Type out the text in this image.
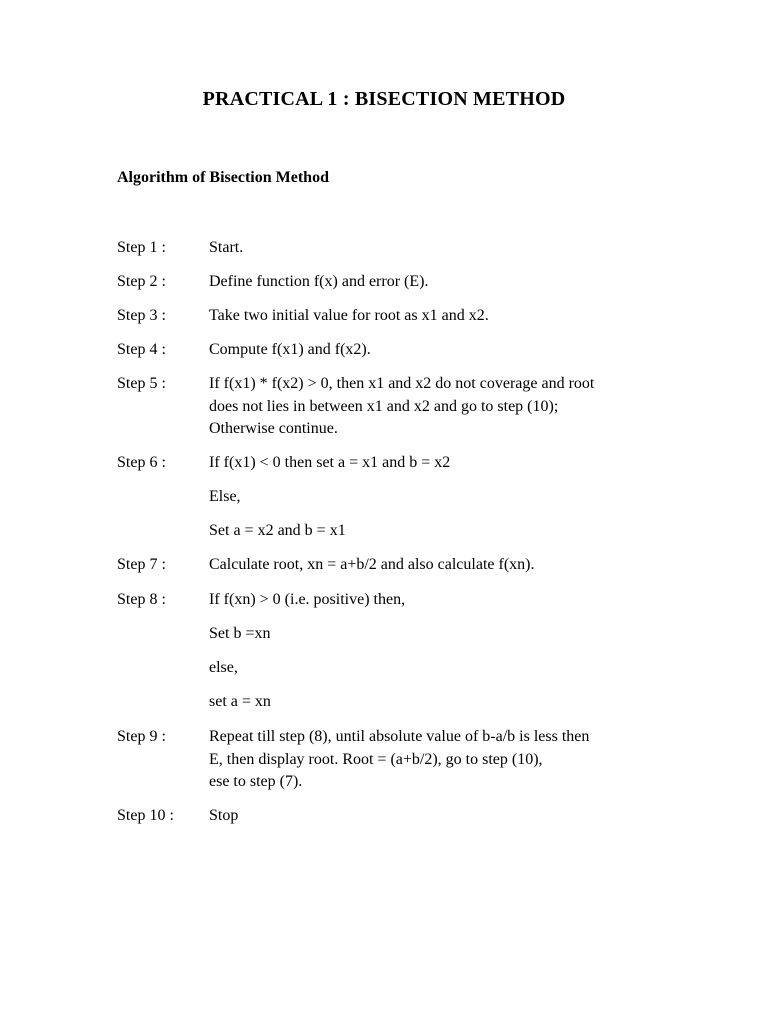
PRACTICAL 1 : BISECTION METHOD
Algorithm of Bisection Method
Step 1 :	Start.
Step 2 :	Define function f(x) and error (E).
Step 3 :	Take two initial value for root as x1 and x2.
Step 4 :	Compute f(x1) and f(x2).
Step 5 :	If f(x1) * f(x2) > 0, then x1 and x2 do not coverage and root
does not lies in between x1 and x2 and go to step (10);
Otherwise continue.
Step 6 :	If f(x1) < 0 then set a = x1 and b = x2
Else,
Set a = x2 and b = x1
Step 7 :	Calculate root, xn = a+b/2 and also calculate f(xn).
Step 8 :	If f(xn) > 0 (i.e. positive) then,
Set b =xn
else,
set a = xn
Step 9 :	Repeat till step (8), until absolute value of b-a/b is less then
E, then display root. Root = (a+b/2), go to step (10),
ese to step (7).
Step 10 : Stop
